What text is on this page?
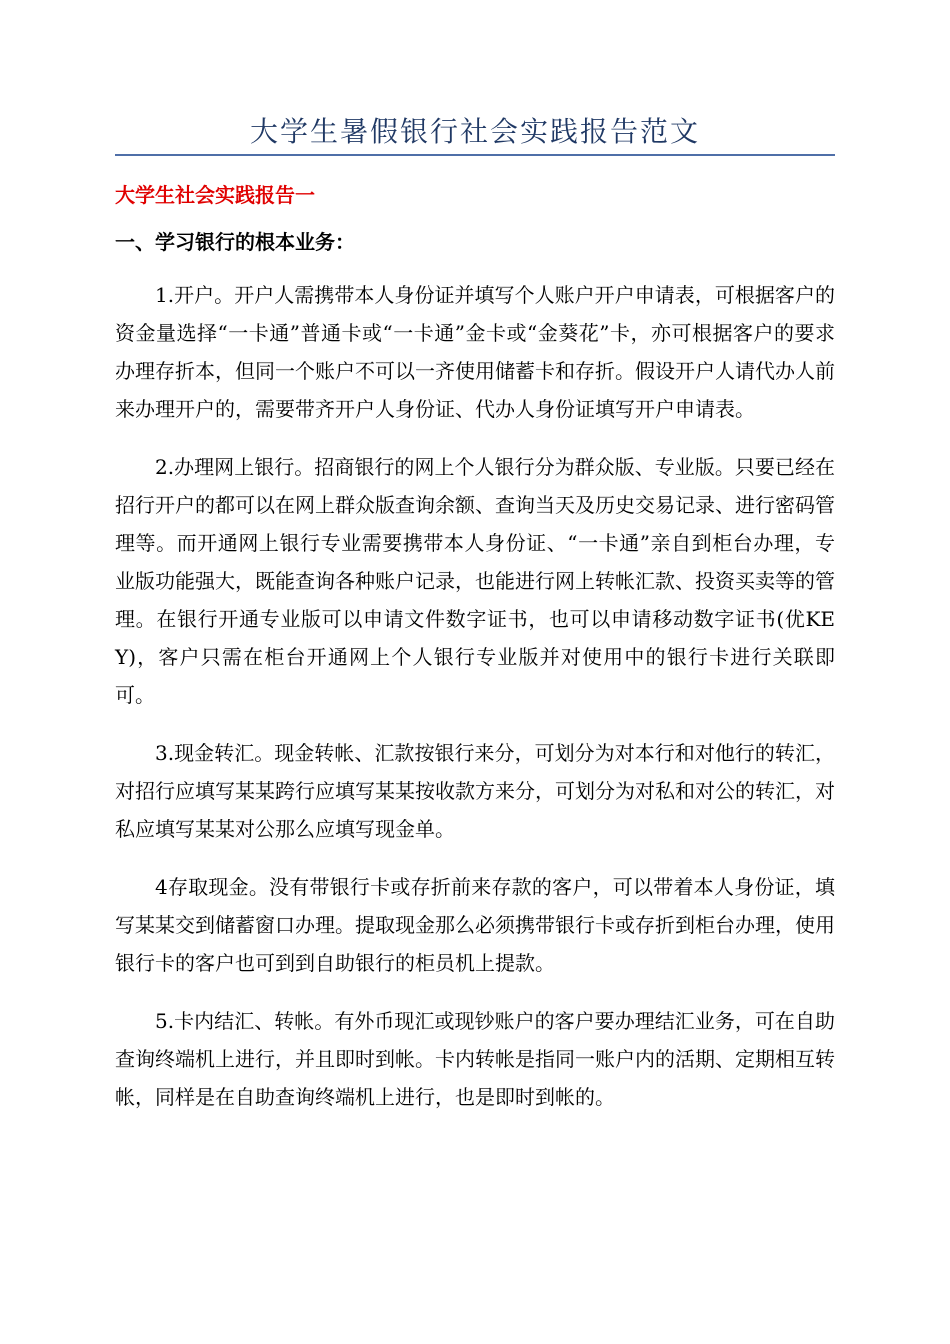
大学生暑假银行社会实践报告范文
大学生社会实践报告一
一、学习银行的根本业务：

1.开户。开户人需携带本人身份证并填写个人账户开户申请表，可根据客户的资金量选择“一卡通”普通卡或“一卡通”金卡或“金葵花”卡，亦可根据客户的要求办理存折本，但同一个账户不可以一齐使用储蓄卡和存折。假设开户人请代办人前来办理开户的，需要带齐开户人身份证、代办人身份证填写开户申请表。

2.办理网上银行。招商银行的网上个人银行分为群众版、专业版。只要已经在招行开户的都可以在网上群众版查询余额、查询当天及历史交易记录、进行密码管理等。而开通网上银行专业需要携带本人身份证、“一卡通”亲自到柜台办理，专业版功能强大，既能查询各种账户记录，也能进行网上转帐汇款、投资买卖等的管理。在银行开通专业版可以申请文件数字证书，也可以申请移动数字证书(优KEY)，客户只需在柜台开通网上个人银行专业版并对使用中的银行卡进行关联即可。

3.现金转汇。现金转帐、汇款按银行来分，可划分为对本行和对他行的转汇，对招行应填写某某跨行应填写某某按收款方来分，可划分为对私和对公的转汇，对私应填写某某对公那么应填写现金单。

4存取现金。没有带银行卡或存折前来存款的客户，可以带着本人身份证，填写某某交到储蓄窗口办理。提取现金那么必须携带银行卡或存折到柜台办理，使用银行卡的客户也可到到自助银行的柜员机上提款。

5.卡内结汇、转帐。有外币现汇或现钞账户的客户要办理结汇业务，可在自助查询终端机上进行，并且即时到帐。卡内转帐是指同一账户内的活期、定期相互转帐，同样是在自助查询终端机上进行，也是即时到帐的。
